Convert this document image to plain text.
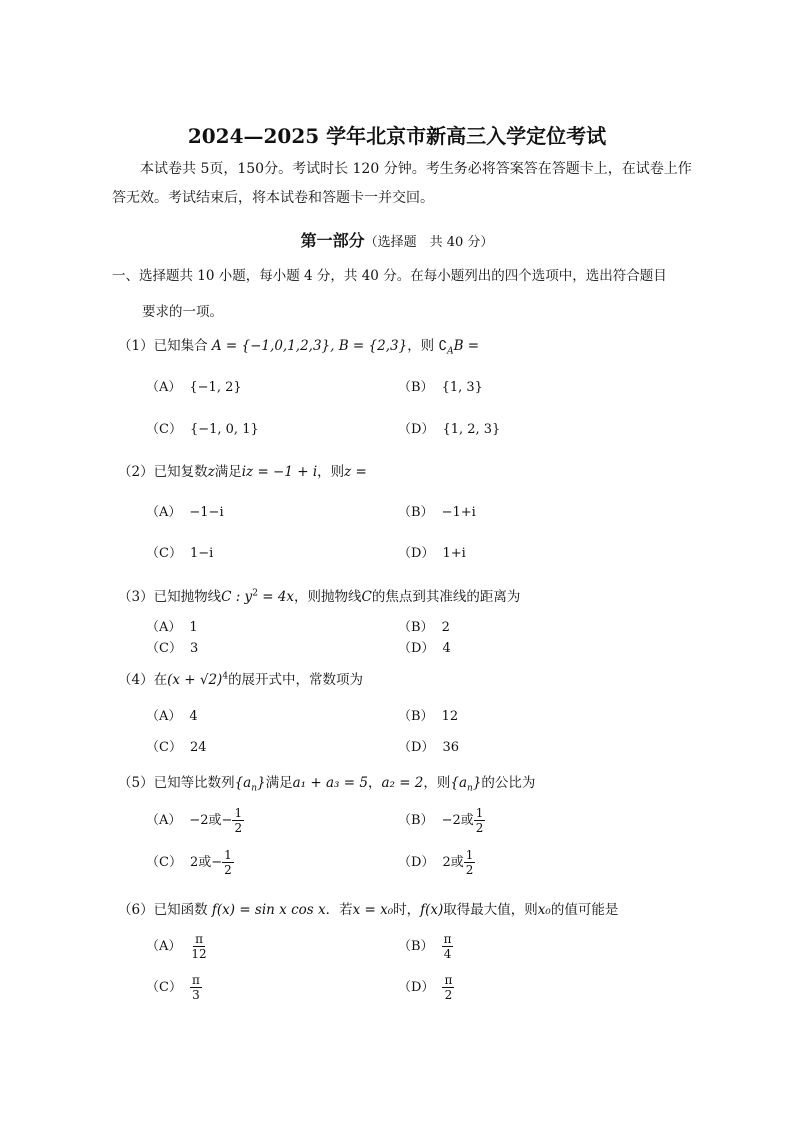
2024—2025 学年北京市新高三入学定位考试
本试卷共 5页，150分。考试时长 120 分钟。考生务必将答案答在答题卡上，在试卷上作
答无效。考试结束后，将本试卷和答题卡一并交回。
第一部分（选择题　共 40 分）
一、选择题共 10 小题，每小题 4 分，共 40 分。在每小题列出的四个选项中，选出符合题目
要求的一项。
（1）已知集合 A = {−1,0,1,2,3}, B = {2,3}，则 $∁_AB$ =
（A） {−1, 2}	（B） {1, 3}
（C） {−1, 0, 1}	（D） {1, 2, 3}
（2）已知复数z满足iz = −1 + i，则z =
（A） −1−i	（B） −1+i
（C） 1−i	（D） 1+i
（3）已知抛物线C : $y^2 = 4x$，则抛物线C的焦点到其准线的距离为
（A） 1	（B） 2
（C） 3	（D） 4
（4）在$(x + √2)^4$的展开式中，常数项为
（A） 4	（B） 12
（C） 24	（D） 36
（5）已知等比数列$\{a_n\}$满足a₁ + a₃ = 5，a₂ = 2，则$\{a_n\}$的公比为
（A） −2或− $\frac{1}{2}$	（B） −2或 $\frac{1}{2}$
（C） 2或− $\frac{1}{2}$	（D） 2或 $\frac{1}{2}$
（6）已知函数 f(x) = sin x cos x．若x = x₀时，f(x)取得最大值，则x₀的值可能是
$(A) \frac{\pi}{12}$	$(B) \frac{\pi}{4}$
$(C) \frac{\pi}{3}$	$(D) \frac{\pi}{2}$
